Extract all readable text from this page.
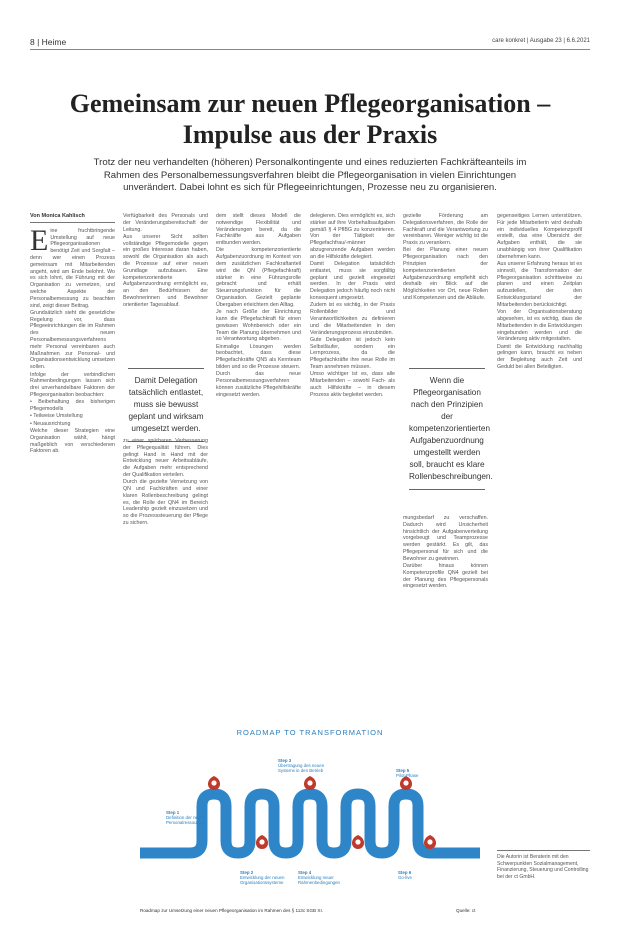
8 | Heime	care konkret | Ausgabe 23 | 6.6.2021
Gemeinsam zur neuen Pflegeorganisation –
Impulse aus der Praxis
Trotz der neu verhandelten (höheren) Personalkontingente und eines reduzierten Fachkräfteanteils im Rahmen des Personalbemessungsverfahren bleibt die Pflegeorganisation in vielen Einrichtungen unverändert. Dabei lohnt es sich für Pflegeeinrichtungen, Prozesse neu zu organisieren.
Von Monica Kahlisch
E ine fruchtbringende Umstellung auf neue Pflegeorganisationen benötigt Zeit und Sorgfalt – denn wer einen Prozess gemeinsam mit Mitarbeitenden angeht, wird am Ende belohnt. Wo es sich lohnt, die Führung mit der Organisation zu vernetzen, und welche Aspekte der Personalbemessung zu beachten sind, zeigt dieser Beitrag.

Grundsätzlich sieht die gesetzliche Regelung vor, dass Pflegeeinrichtungen die im Rahmen des neuen Personalbemessungsverfahrens mehr Personal vereinbaren auch Maßnahmen zur Personal- und Organisationsentwicklung umsetzen sollen.

Infolge der verbindlichen Rahmenbedingungen lassen sich drei unverhandelbare Faktoren der Pflegeorganisation beobachten:

• Beibehaltung des bisherigen Pflegemodells

• Teilweise Umstellung

• Neuausrichtung

Welche dieser Strategien eine Organisation wählt, hängt maßgeblich von verschiedenen Faktoren ab.

Verfügbarkeit des Personals und der Veränderungsbereitschaft der Leitung.

Aus unserer Sicht sollten vollständige Pflegemodelle gegen ein großes Interesse daran haben, sowohl die Organisation als auch die Prozesse auf einer neuen Grundlage aufzubauen. Eine kompetenzorientierte Aufgabenzuordnung ermöglicht es, an den Bedürfnissen der Bewohnerinnen und Bewohner orientierter Tagesablauf.

Damit Delegation tatsächlich entlastet, muss sie bewusst geplant und wirksam umgesetzt werden.

zu einer spürbaren Verbesserung der Pflegequalität führen. Dies gelingt Hand in Hand mit der Entwicklung neuer Arbeitsabläufe, die Aufgaben mehr entsprechend der Qualifikation verteilen.

Durch die gezielte Vernetzung von QN und Fachkräften und einer klaren Rollenbeschreibung gelingt es, die Rolle der QN4 im Bereich Leadership gezielt einzusetzen und so die Prozesssteuerung der Pflege zu sichern.

dem stellt dieses Modell die notwendige Flexibilität und Veränderungen bereit, da die Fachkräfte aus Aufgaben entbunden werden.

Die kompetenzorientierte Aufgabenzuordnung im Kontext von dem zusätzlichen Fachkraftanteil wird die QN (Pflegefachkraft) stärker in eine Führungsrolle gebracht und erhält Steuerungsfunktion für die Organisation. Gezielt geplante Übergaben erleichtern den Alltag.

Je nach Größe der Einrichtung kann die Pflegefachkraft für einen gewissen Wohnbereich oder ein Team die Planung übernehmen und so Verantwortung abgeben.

Einmalige Lösungen werden beobachtet, dass diese Pflegefachkräfte QN5 als Kernteam bilden und so die Prozesse steuern.

Durch das neue Personalbemessungsverfahren können zusätzliche Pflegehilfskräfte eingesetzt werden.

delegieren. Dies ermöglicht es, sich stärker auf ihre Vorbehaltsaufgaben gemäß § 4 PflBG zu konzentrieren. Von der Tätigkeit der Pflegefachfrau/-männer abzugrenzende Aufgaben werden an die Hilfskräfte delegiert.

Damit Delegation tatsächlich entlastet, muss sie sorgfältig geplant und gezielt eingesetzt werden. In der Praxis wird Delegation jedoch häufig noch nicht konsequent umgesetzt.

Zudem ist es wichtig, in der Praxis Rollenbilder und Verantwortlichkeiten zu definieren und die Mitarbeitenden in den Veränderungsprozess einzubinden.

Gute Delegation ist jedoch kein Selbstläufer, sondern ein Lernprozess, da die Pflegefachkräfte ihre neue Rolle im Team annehmen müssen.

Umso wichtiger ist es, dass alle Mitarbeitenden – sowohl Fach- als auch Hilfskräfte – in diesem Prozess aktiv begleitet werden.

gezielte Förderung am Delegationsverfahren, die Rolle der Fachkraft und die Verantwortung zu vereinbaren. Weniger wichtig ist die Praxis zu verankern.

Bei der Planung einer neuen Pflegeorganisation nach den Prinzipien der kompetenzorientierten Aufgabenzuordnung empfiehlt sich deshalb ein Blick auf die Möglichkeiten vor Ort, neue Rollen und Kompetenzen und die Abläufe.

Wenn die Pflegeorganisation nach den Prinzipien der kompetenzorientierten Aufgabenzuordnung umgestellt werden soll, braucht es klare Rollenbeschreibungen.

mungsbedarf zu verschaffen. Dadurch wird Unsicherheit hinsichtlich der Aufgabenverteilung vorgebeugt und Teamprozesse werden gestärkt. Es gilt, das Pflegepersonal für sich und die Bewohner zu gewinnen.

Darüber hinaus können Kompetenzprofile QN4 gezielt bei der Planung des Pflegepersonals eingesetzt werden.

gegenseitiges Lernen unterstützen. Für jede Mitarbeiterin wird deshalb ein individuelles Kompetenzprofil erstellt, das eine Übersicht der Aufgaben enthält, die sie unabhängig von ihrer Qualifikation übernehmen kann.

Aus unserer Erfahrung heraus ist es sinnvoll, die Transformation der Pflegeorganisation schrittweise zu planen und einen Zeitplan aufzustellen, der den Entwicklungsstand der Mitarbeitenden berücksichtigt.

Von der Organisationsberatung abgesehen, ist es wichtig, dass die Mitarbeitenden in die Entwicklungen eingebunden werden und die Veränderung aktiv mitgestalten.

Damit die Entwicklung nachhaltig gelingen kann, braucht es neben der Begleitung auch Zeit und Geduld bei allen Beteiligten.

Die Autorin ist Beraterin mit den Schwerpunkten Sozialmanagement, Finanzierung, Steuerung und Controlling bei der ct GmbH.
ROADMAP TO TRANSFORMATION
Step 1
Definition der neuen Personalressourcen
Step 2
Entwicklung der neuen Organisationssysteme
Step 3
Übertragung des neuen Systems in den Betrieb
Step 4
Entwicklung neuer Rahmenbedingungen
Step 5
Pilot-Phase
Step 6
Go-live
Roadmap zur Umsetzung einer neuen Pflegeorganisation im Rahmen des § 113c SGB XI.	Quelle: ct
